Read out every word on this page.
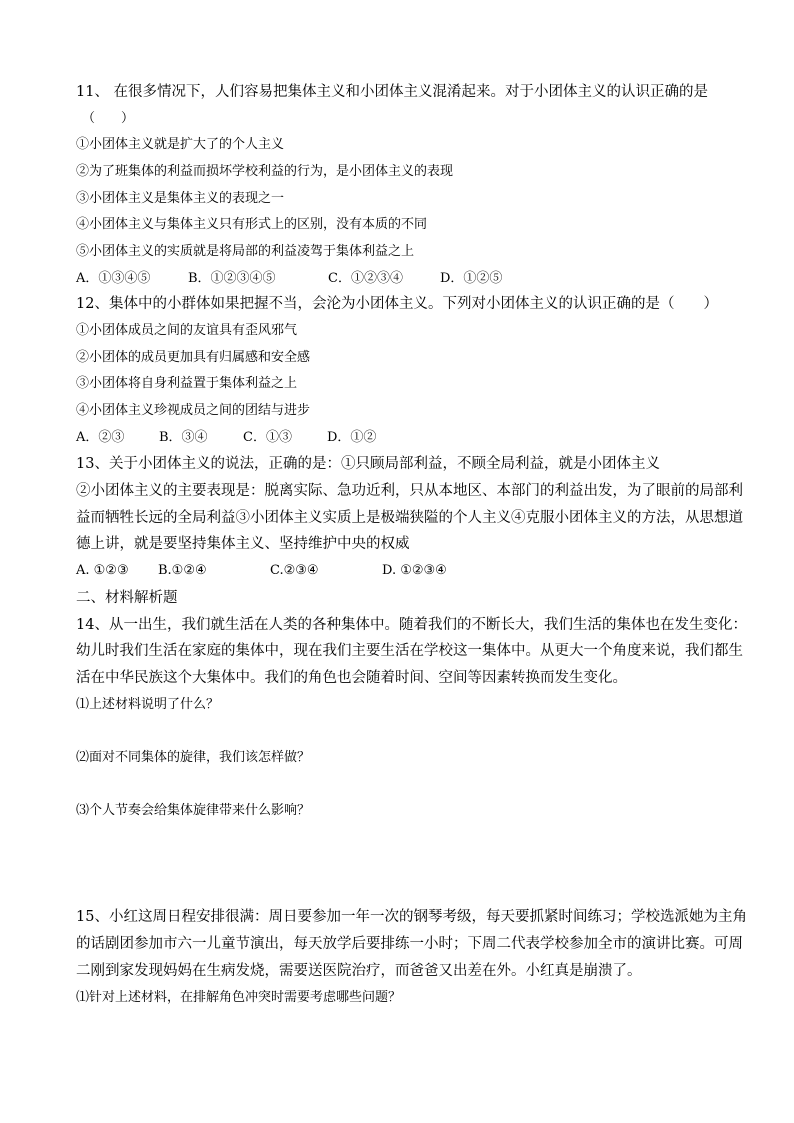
11、 在很多情况下，人们容易把集体主义和小团体主义混淆起来。对于小团体主义的认识正确的是
（　　）
①小团体主义就是扩大了的个人主义
②为了班集体的利益而损坏学校利益的行为，是小团体主义的表现
③小团体主义是集体主义的表现之一
④小团体主义与集体主义只有形式上的区别，没有本质的不同
⑤小团体主义的实质就是将局部的利益凌驾于集体利益之上
A．①③④⑤	B．①②③④⑤	C．①②③④	D．①②⑤
12、集体中的小群体如果把握不当，会沦为小团体主义。下列对小团体主义的认识正确的是（　　）
①小团体成员之间的友谊具有歪风邪气
②小团体的成员更加具有归属感和安全感
③小团体将自身利益置于集体利益之上
④小团体主义珍视成员之间的团结与进步
A．②③	B．③④	C．①③	D．①②
13、关于小团体主义的说法，正确的是：①只顾局部利益，不顾全局利益，就是小团体主义
②小团体主义的主要表现是：脱离实际、急功近利，只从本地区、本部门的利益出发，为了眼前的局部利
益而牺牲长远的全局利益③小团体主义实质上是极端狭隘的个人主义④克服小团体主义的方法，从思想道
德上讲，就是要坚持集体主义、坚持维护中央的权威
A. ①②③ B.①②④	C.②③④	D. ①②③④
二、材料解析题
14、从一出生，我们就生活在人类的各种集体中。随着我们的不断长大，我们生活的集体也在发生变化：
幼儿时我们生活在家庭的集体中，现在我们主要生活在学校这一集体中。从更大一个角度来说，我们都生
活在中华民族这个大集体中。我们的角色也会随着时间、空间等因素转换而发生变化。
⑴上述材料说明了什么？
⑵面对不同集体的旋律，我们该怎样做？
⑶个人节奏会给集体旋律带来什么影响？
15、小红这周日程安排很满：周日要参加一年一次的钢琴考级，每天要抓紧时间练习；学校选派她为主角
的话剧团参加市六一儿童节演出，每天放学后要排练一小时；下周二代表学校参加全市的演讲比赛。可周
二刚到家发现妈妈在生病发烧，需要送医院治疗，而爸爸又出差在外。小红真是崩溃了。
⑴针对上述材料，在排解角色冲突时需要考虑哪些问题？
